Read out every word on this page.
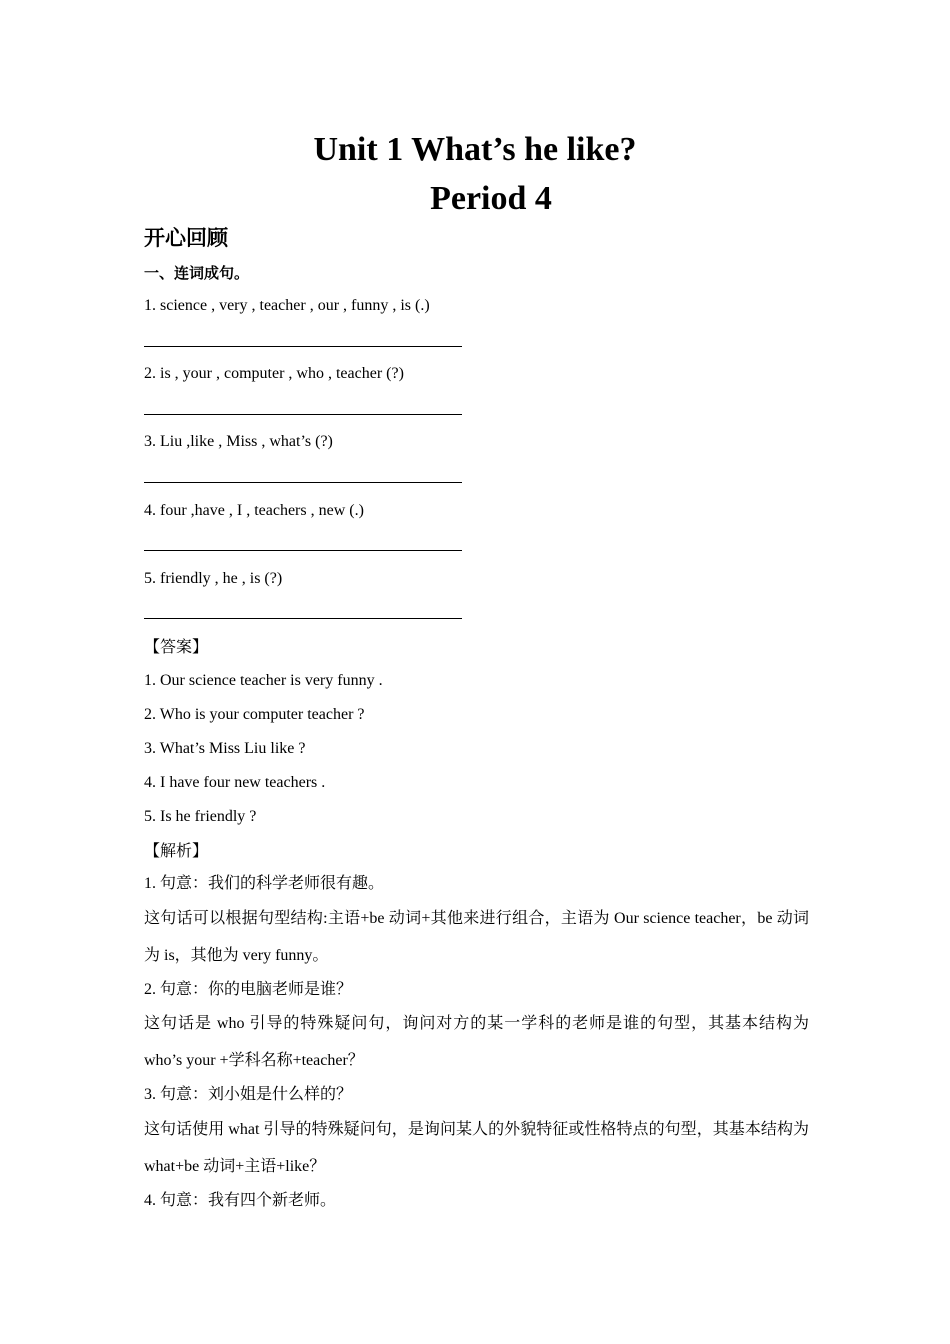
Unit 1 What’s he like?
Period 4
开心回顾
一、连词成句。
1. science , very , teacher , our , funny , is (.)
2. is , your , computer , who , teacher (?)
3. Liu ,like , Miss , what’s (?)
4. four ,have , I , teachers , new (.)
5. friendly , he , is (?)
【答案】
1. Our science teacher is very funny .
2. Who is your computer teacher ?
3. What’s Miss Liu like ?
4. I have four new teachers .
5. Is he friendly ?
【解析】
1. 句意：我们的科学老师很有趣。
这句话可以根据句型结构:主语+be 动词+其他来进行组合，主语为 Our science teacher，be 动词为 is，其他为 very funny。
2. 句意：你的电脑老师是谁？
这句话是 who 引导的特殊疑问句，询问对方的某一学科的老师是谁的句型，其基本结构为 who’s your +学科名称+teacher？
3. 句意：刘小姐是什么样的？
这句话使用 what 引导的特殊疑问句，是询问某人的外貌特征或性格特点的句型，其基本结构为 what+be 动词+主语+like？
4. 句意：我有四个新老师。
